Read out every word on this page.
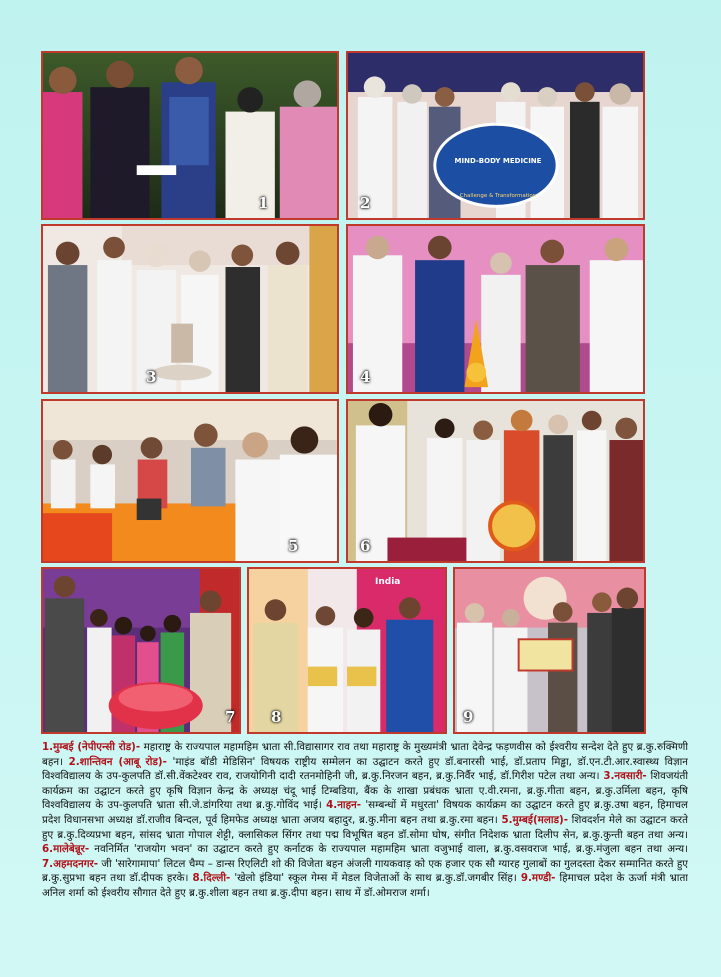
1
MIND-BODY MEDICINE
Challenge & Transformation
2
3	4
5	6
7
India
8	9
1.मुम्बई (नेपीएन्सी रोड)- महाराष्ट्र के राज्यपाल महामहिम भ्राता सी.विद्यासागर राव तथा महाराष्ट्र के मुख्यमंत्री भ्राता देवेन्द्र फड़णवीस को ईश्वरीय सन्देश देते हुए ब्र.कु.रुक्मिणी बहन। 2.शान्तिवन (आबू रोड)- 'माइंड बॉडी मेडिसिन' विषयक राष्ट्रीय सम्मेलन का उद्घाटन करते हुए डॉ.बनारसी भाई, डॉ.प्रताप मिड्ढा, डॉ.एन.टी.आर.स्वास्थ्य विज्ञान विश्वविद्यालय के उप-कुलपति डॉ.सी.वेंकटेश्वर राव, राजयोगिनी दादी रतनमोहिनी जी, ब्र.कु.निरजन बहन, ब्र.कु.निर्वैर भाई, डॉ.गिरीश पटेल तथा अन्य। 3.नवसारी- शिवजयंती कार्यक्रम का उद्घाटन करते हुए कृषि विज्ञान केन्द्र के अध्यक्ष चंदू भाई टिम्बडिया, बैंक के शाखा प्रबंधक भ्राता ए.वी.रमना, ब्र.कु.गीता बहन, ब्र.कु.उर्मिला बहन, कृषि विश्वविद्यालय के उप-कुलपति भ्राता सी.जे.डांगरिया तथा ब्र.कु.गोविंद भाई। 4.नाहन- 'सम्बन्धों में मधुरता' विषयक कार्यक्रम का उद्घाटन करते हुए ब्र.कु.उषा बहन, हिमाचल प्रदेश विधानसभा अध्यक्ष डॉ.राजीव बिन्दल, पूर्व हिमफेड अध्यक्ष भ्राता अजय बहादुर, ब्र.कु.मीना बहन तथा ब्र.कु.रमा बहन। 5.मुम्बई(मलाड)- शिवदर्शन मेले का उद्घाटन करते हुए ब्र.कु.दिव्यप्रभा बहन, सांसद भ्राता गोपाल शेट्टी, क्लासिकल सिंगर तथा पद्म विभूषित बहन डॉ.सोमा घोष, संगीत निदेशक भ्राता दिलीप सेन, ब्र.कु.कुन्ती बहन तथा अन्य। 6.मालेबेन्नूर- नवनिर्मित 'राजयोग भवन' का उद्घाटन करते हुए कर्नाटक के राज्यपाल महामहिम भ्राता वजुभाई वाला, ब्र.कु.वसवराज भाई, ब्र.कु.मंजुला बहन तथा अन्य। 7.अहमदनगर- जी 'सारेगामापा' लिटल चैम्प – डान्स रिएलिटी शो की विजेता बहन अंजली गायकवाड़ को एक हजार एक सौ ग्यारह गुलाबों का गुलदस्ता देकर सम्मानित करते हुए ब्र.कु.सुप्रभा बहन तथा डॉ.दीपक हरके। 8.दिल्ली- 'खेलो इंडिया' स्कूल गेम्स में मेडल विजेताओं के साथ ब्र.कु.डॉ.जगबीर सिंह। 9.मण्डी- हिमाचल प्रदेश के ऊर्जा मंत्री भ्राता अनिल शर्मा को ईश्वरीय सौगात देते हुए ब्र.कु.शीला बहन तथा ब्र.कु.दीपा बहन। साथ में डॉ.ओमराज शर्मा।
